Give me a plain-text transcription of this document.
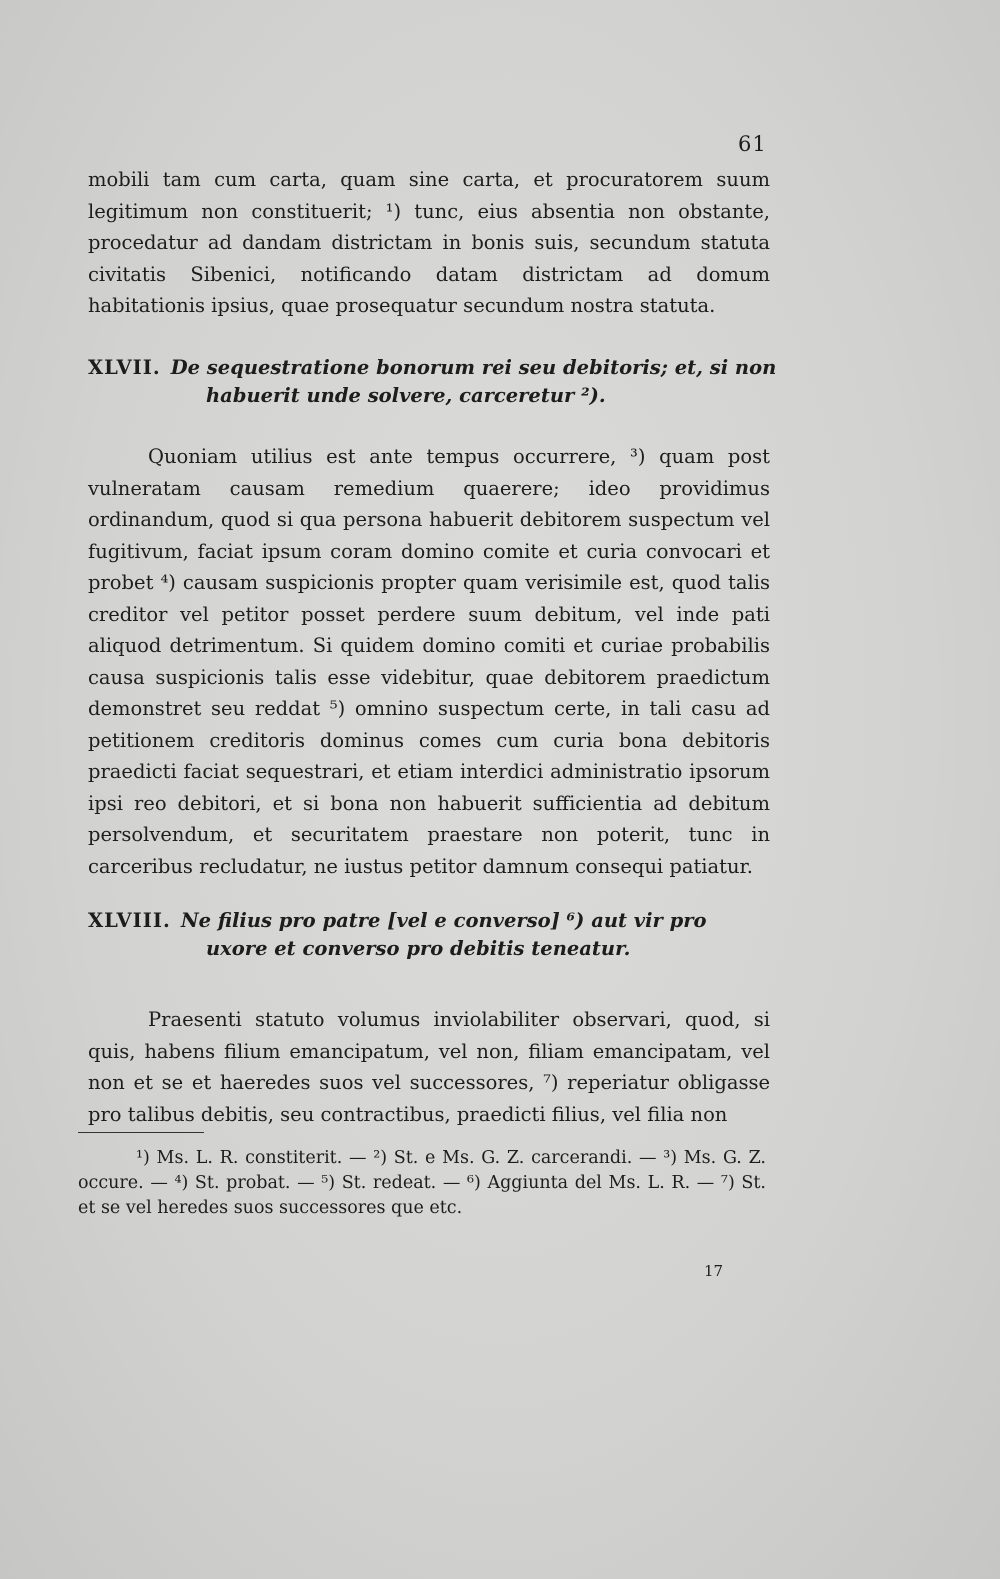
61

mobili tam cum carta, quam sine carta, et procuratorem suum legitimum non constituerit; ¹) tunc, eius absentia non obstante, procedatur ad dandam districtam in bonis suis, secundum statuta civitatis Sibenici, notificando datam districtam ad domum habitationis ipsius, quae prosequatur secundum nostra statuta.

XLVII. De sequestratione bonorum rei seu debitoris; et, si non
habuerit unde solvere, carceretur ²).

Quoniam utilius est ante tempus occurrere, ³) quam post vulneratam causam remedium quaerere; ideo providimus ordinandum, quod si qua persona habuerit debitorem suspectum vel fugitivum, faciat ipsum coram domino comite et curia convocari et probet ⁴) causam suspicionis propter quam verisimile est, quod talis creditor vel petitor posset perdere suum debitum, vel inde pati aliquod detrimentum. Si quidem domino comiti et curiae probabilis causa suspicionis talis esse videbitur, quae debitorem praedictum demonstret seu reddat ⁵) omnino suspectum certe, in tali casu ad petitionem creditoris dominus comes cum curia bona debitoris praedicti faciat sequestrari, et etiam interdici administratio ipsorum ipsi reo debitori, et si bona non habuerit sufficientia ad debitum persolvendum, et securitatem praestare non poterit, tunc in carceribus recludatur, ne iustus petitor damnum consequi patiatur.

XLVIII. Ne filius pro patre [vel e converso] ⁶) aut vir pro
uxore et converso pro debitis teneatur.

Praesenti statuto volumus inviolabiliter observari, quod, si quis, habens filium emancipatum, vel non, filiam emancipatam, vel non et se et haeredes suos vel successores, ⁷) reperiatur obligasse pro talibus debitis, seu contractibus, praedicti filius, vel filia non

¹) Ms. L. R. constiterit. — ²) St. e Ms. G. Z. carcerandi. — ³) Ms. G. Z. occure. — ⁴) St. probat. — ⁵) St. redeat. — ⁶) Aggiunta del Ms. L. R. — ⁷) St. et se vel heredes suos successores que etc.

17
